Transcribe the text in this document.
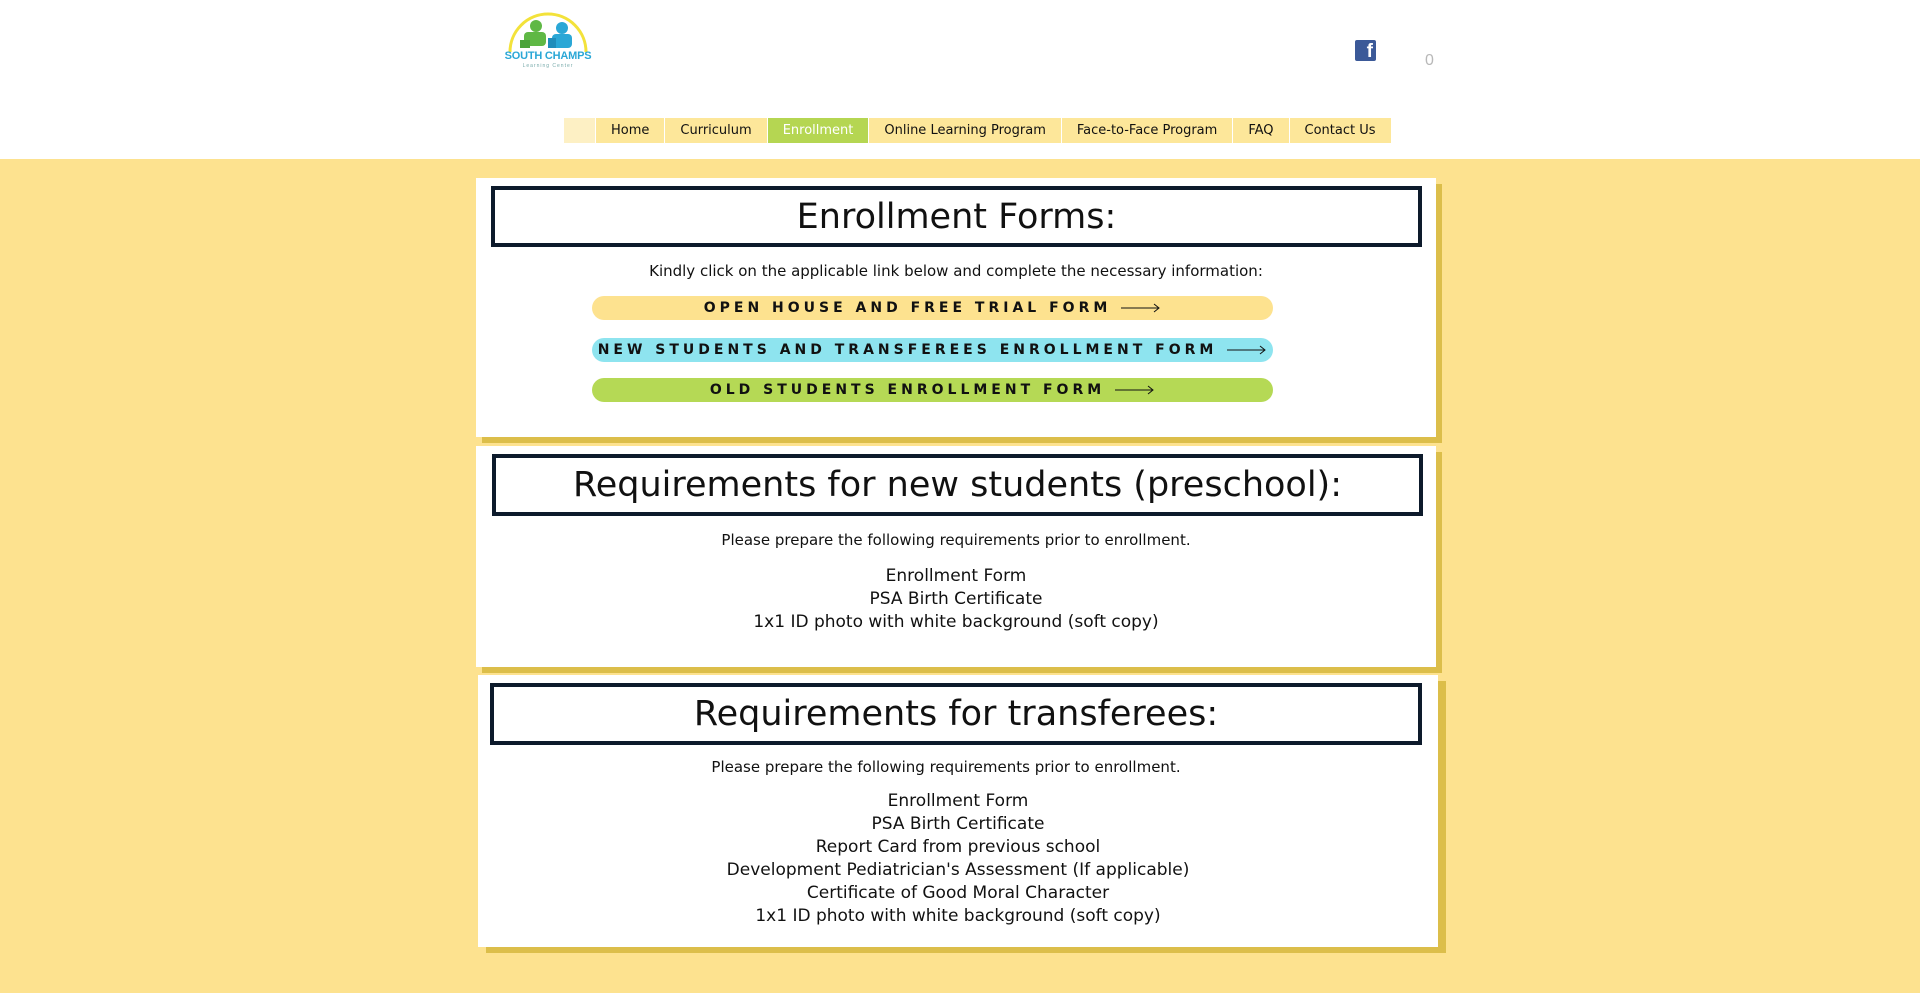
SOUTH CHAMPS
Learning Center
f	0
Home	Curriculum	Enrollment	Online Learning Program	Face-to-Face Program	FAQ	Contact Us
Enrollment Forms:
Kindly click on the applicable link below and complete the necessary information:
OPEN HOUSE AND FREE TRIAL FORM
NEW STUDENTS AND TRANSFEREES ENROLLMENT FORM
OLD STUDENTS ENROLLMENT FORM
Requirements for new students (preschool):
Please prepare the following requirements prior to enrollment.
Enrollment Form
PSA Birth Certificate
1x1 ID photo with white background (soft copy)
Requirements for transferees:
Please prepare the following requirements prior to enrollment.
Enrollment Form
PSA Birth Certificate
Report Card from previous school
Development Pediatrician's Assessment (If applicable)
Certificate of Good Moral Character
1x1 ID photo with white background (soft copy)
